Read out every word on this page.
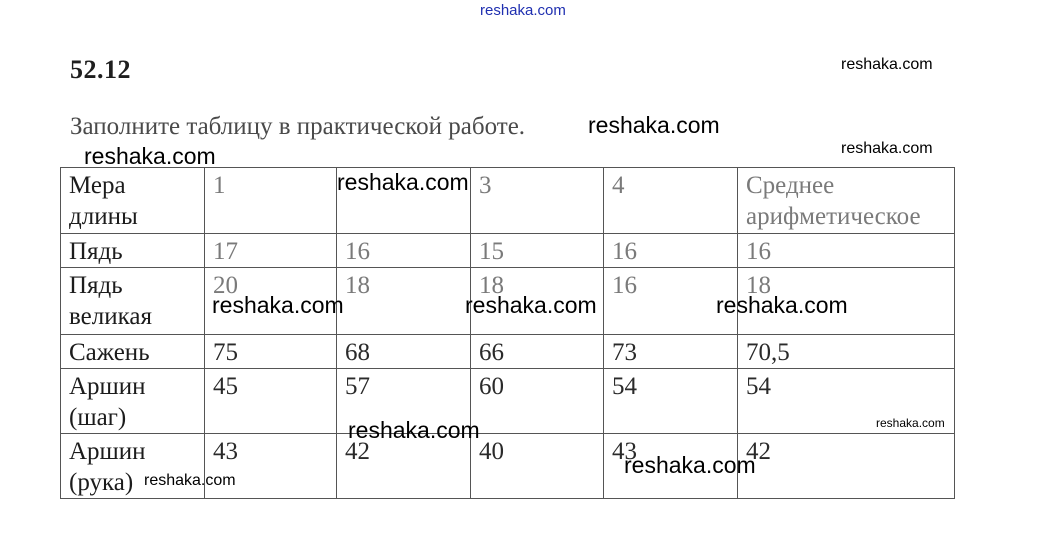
52.12
Заполните таблицу в практической работе.
Мера
длины	1		3	4	Среднее
арифметическое
Пядь	17	16	15	16	16
Пядь
великая	20	18	18	16	18
Сажень	75	68	66	73	70,5
Аршин
(шаг)	45	57	60	54	54
Аршин
(рука)	43	42	40	43	42
reshaka.com
reshaka.com
reshaka.com
reshaka.com	reshaka.com
reshaka.com
reshaka.com	reshaka.com	reshaka.com
reshaka.com
reshaka.com
reshaka.com
reshaka.com
